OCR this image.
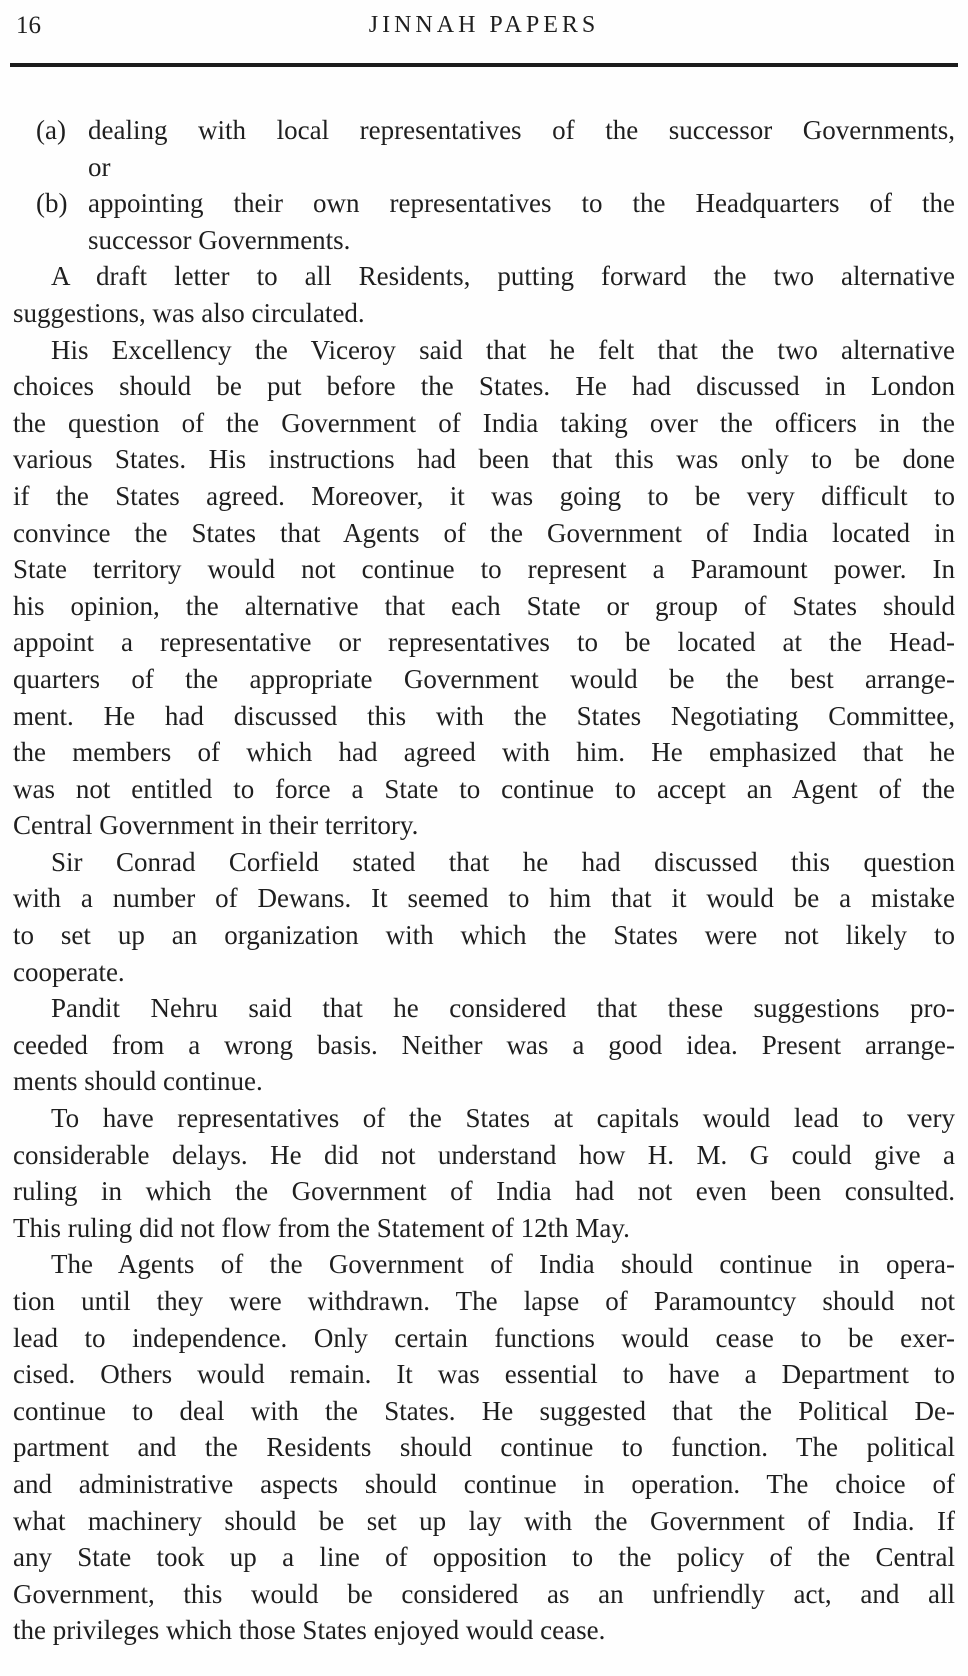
16	JINNAH PAPERS
(a) dealing with local representatives of the successor Governments,
or
(b) appointing their own representatives to the Headquarters of the
successor Governments.
A draft letter to all Residents, putting forward the two alternative
suggestions, was also circulated.
His Excellency the Viceroy said that he felt that the two alternative
choices should be put before the States. He had discussed in London
the question of the Government of India taking over the officers in the
various States. His instructions had been that this was only to be done
if the States agreed. Moreover, it was going to be very difficult to
convince the States that Agents of the Government of India located in
State territory would not continue to represent a Paramount power. In
his opinion, the alternative that each State or group of States should
appoint a representative or representatives to be located at the Head-
quarters of the appropriate Government would be the best arrange-
ment. He had discussed this with the States Negotiating Committee,
the members of which had agreed with him. He emphasized that he
was not entitled to force a State to continue to accept an Agent of the
Central Government in their territory.
Sir Conrad Corfield stated that he had discussed this question
with a number of Dewans. It seemed to him that it would be a mistake
to set up an organization with which the States were not likely to
cooperate.
Pandit Nehru said that he considered that these suggestions pro-
ceeded from a wrong basis. Neither was a good idea. Present arrange-
ments should continue.
To have representatives of the States at capitals would lead to very
considerable delays. He did not understand how H. M. G could give a
ruling in which the Government of India had not even been consulted.
This ruling did not flow from the Statement of 12th May.
The Agents of the Government of India should continue in opera-
tion until they were withdrawn. The lapse of Paramountcy should not
lead to independence. Only certain functions would cease to be exer-
cised. Others would remain. It was essential to have a Department to
continue to deal with the States. He suggested that the Political De-
partment and the Residents should continue to function. The political
and administrative aspects should continue in operation. The choice of
what machinery should be set up lay with the Government of India. If
any State took up a line of opposition to the policy of the Central
Government, this would be considered as an unfriendly act, and all
the privileges which those States enjoyed would cease.
